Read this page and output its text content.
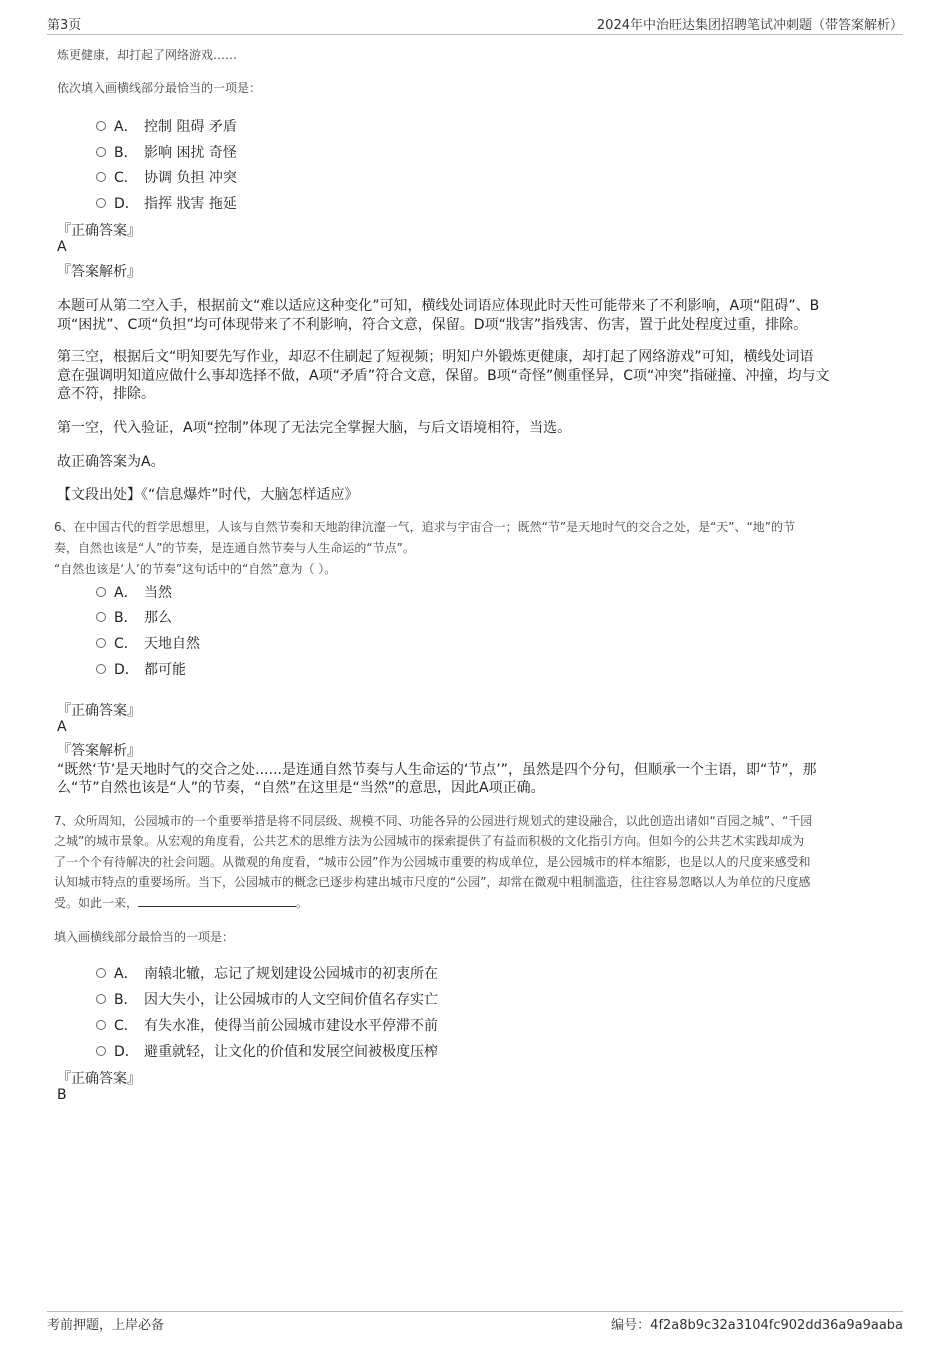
第3页	2024年中治旺达集团招聘笔试冲刺题（带答案解析）
炼更健康，却打起了网络游戏……
依次填入画横线部分最恰当的一项是：
A． 控制 阻碍 矛盾
B． 影响 困扰 奇怪
C． 协调 负担 冲突
D． 指挥 戕害 拖延
『正确答案』
A
『答案解析』
本题可从第二空入手，根据前文“难以适应这种变化”可知，横线处词语应体现此时天性可能带来了不利影响，A项“阻碍”、B
项“困扰”、C项“负担”均可体现带来了不利影响，符合文意，保留。D项“戕害”指残害、伤害，置于此处程度过重，排除。
第三空，根据后文“明知要先写作业，却忍不住刷起了短视频；明知户外锻炼更健康，却打起了网络游戏”可知，横线处词语
意在强调明知道应做什么事却选择不做，A项“矛盾”符合文意，保留。B项“奇怪”侧重怪异，C项“冲突”指碰撞、冲撞，均与文
意不符，排除。
第一空，代入验证，A项“控制”体现了无法完全掌握大脑，与后文语境相符，当选。
故正确答案为A。
【文段出处】《“信息爆炸”时代，大脑怎样适应》
6、在中国古代的哲学思想里，人该与自然节奏和天地韵律沆瀣一气，追求与宇宙合一；既然“节”是天地时气的交合之处，是“天”、“地”的节
奏，自然也该是“人”的节奏，是连通自然节奏与人生命运的“节点”。
“自然也该是‘人’的节奏”这句话中的“自然”意为（ ）。
A． 当然
B． 那么
C． 天地自然
D． 都可能
『正确答案』
A
『答案解析』
“既然‘节’是天地时气的交合之处......是连通自然节奏与人生命运的‘节点’”，虽然是四个分句，但顺承一个主语，即“节”，那
么“节”自然也该是“人”的节奏，“自然”在这里是“当然”的意思，因此A项正确。
7、众所周知，公园城市的一个重要举措是将不同层级、规模不同、功能各异的公园进行规划式的建设融合，以此创造出诸如“百园之城”、“千园
之城”的城市景象。从宏观的角度看，公共艺术的思维方法为公园城市的探索提供了有益而积极的文化指引方向。但如今的公共艺术实践却成为
了一个个有待解决的社会问题。从微观的角度看，“城市公园”作为公园城市重要的构成单位，是公园城市的样本缩影，也是以人的尺度来感受和
认知城市特点的重要场所。当下，公园城市的概念已逐步构建出城市尺度的“公园”，却常在微观中粗制滥造，往往容易忽略以人为单位的尺度感
受。如此一来，	。
填入画横线部分最恰当的一项是：
A． 南辕北辙，忘记了规划建设公园城市的初衷所在
B． 因大失小，让公园城市的人文空间价值名存实亡
C． 有失水准，使得当前公园城市建设水平停滞不前
D． 避重就轻，让文化的价值和发展空间被极度压榨
『正确答案』
B
考前押题，上岸必备	编号：4f2a8b9c32a3104fc902dd36a9a9aaba
